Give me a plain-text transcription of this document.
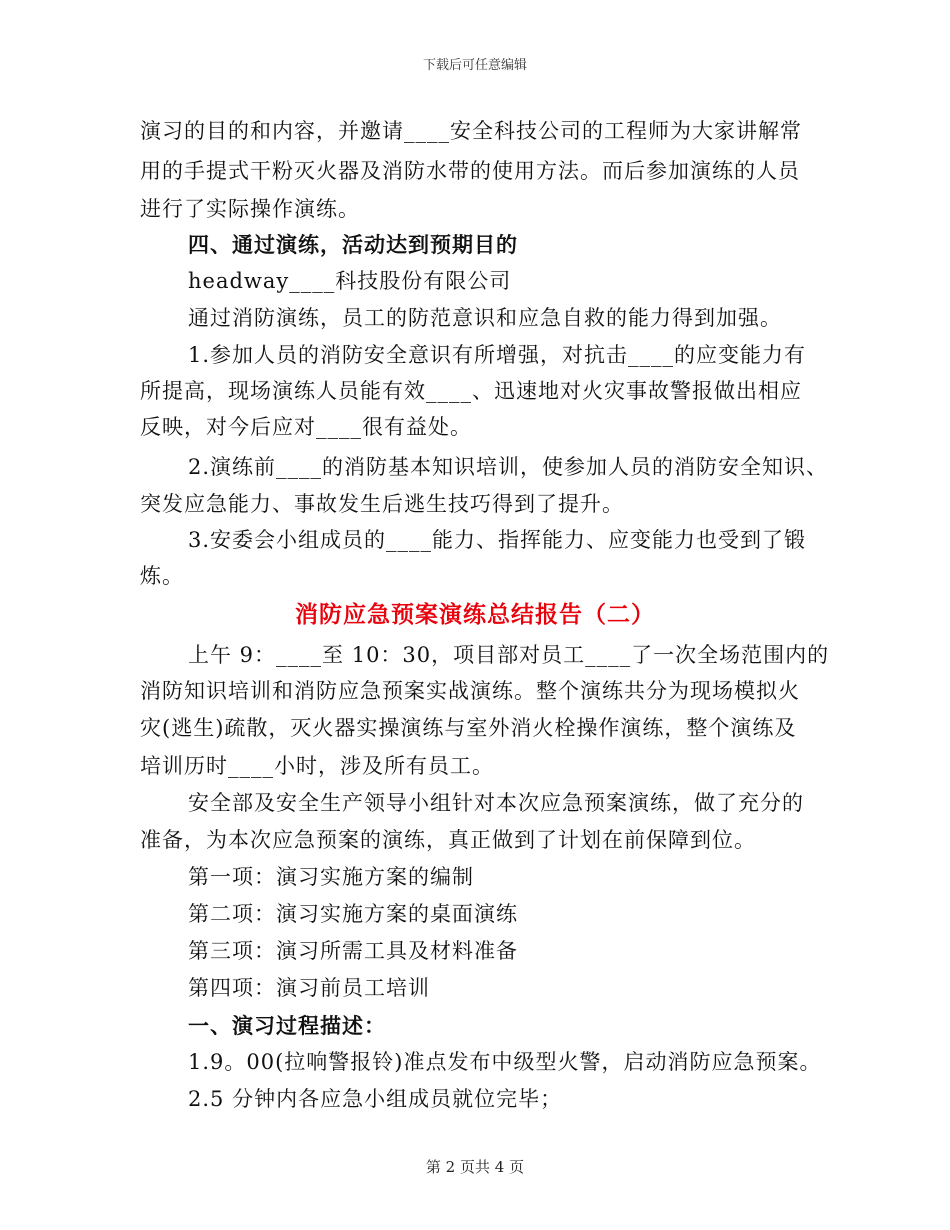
下载后可任意编辑
演习的目的和内容，并邀请____安全科技公司的工程师为大家讲解常
用的手提式干粉灭火器及消防水带的使用方法。而后参加演练的人员
进行了实际操作演练。
四、通过演练，活动达到预期目的
headway____科技股份有限公司
通过消防演练，员工的防范意识和应急自救的能力得到加强。
1.参加人员的消防安全意识有所增强，对抗击____的应变能力有
所提高，现场演练人员能有效____、迅速地对火灾事故警报做出相应
反映，对今后应对____很有益处。
2.演练前____的消防基本知识培训，使参加人员的消防安全知识、
突发应急能力、事故发生后逃生技巧得到了提升。
3.安委会小组成员的____能力、指挥能力、应变能力也受到了锻
炼。
消防应急预案演练总结报告（二）
上午 9：____至 10：30，项目部对员工____了一次全场范围内的
消防知识培训和消防应急预案实战演练。整个演练共分为现场模拟火
灾(逃生)疏散，灭火器实操演练与室外消火栓操作演练，整个演练及
培训历时____小时，涉及所有员工。
安全部及安全生产领导小组针对本次应急预案演练，做了充分的
准备，为本次应急预案的演练，真正做到了计划在前保障到位。
第一项：演习实施方案的编制
第二项：演习实施方案的桌面演练
第三项：演习所需工具及材料准备
第四项：演习前员工培训
一、演习过程描述：
1.9。00(拉响警报铃)准点发布中级型火警，启动消防应急预案。
2.5 分钟内各应急小组成员就位完毕；
第 2 页共 4 页
